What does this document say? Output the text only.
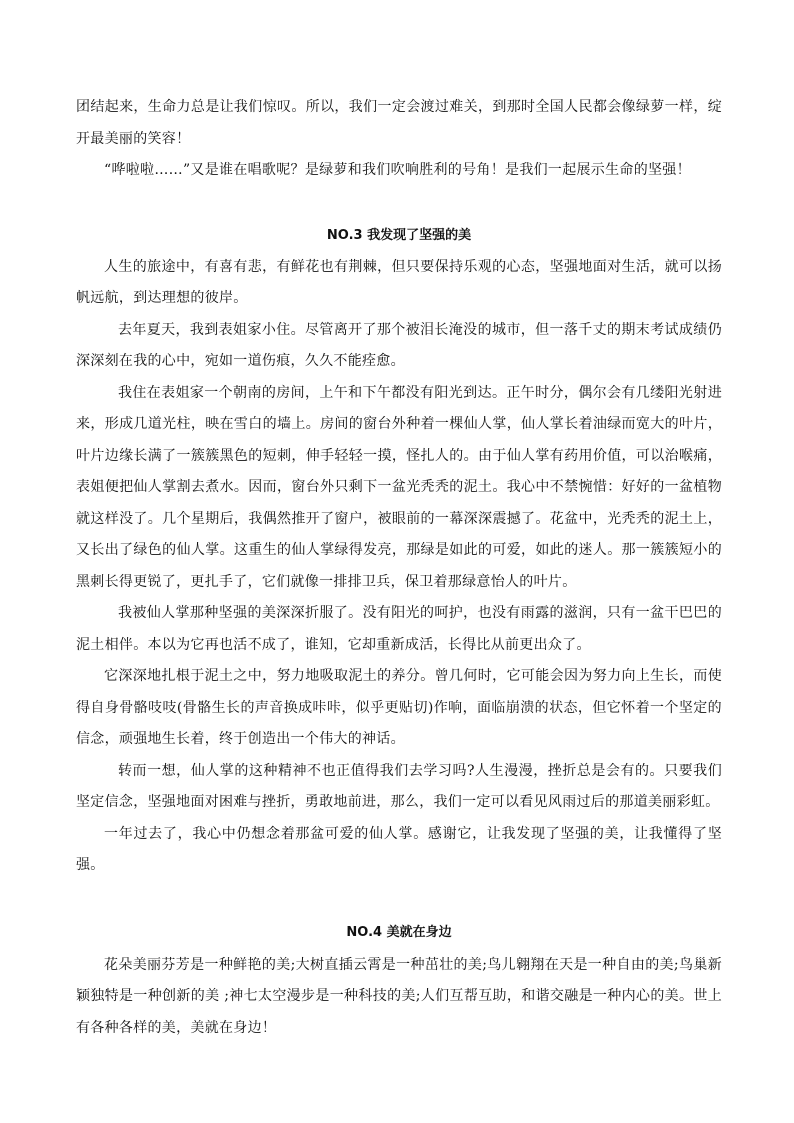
团结起来，生命力总是让我们惊叹。所以，我们一定会渡过难关，到那时全国人民都会像绿萝一样，绽开最美丽的笑容！

“哗啦啦……”又是谁在唱歌呢？是绿萝和我们吹响胜利的号角！是我们一起展示生命的坚强！

NO.3 我发现了坚强的美

人生的旅途中，有喜有悲，有鲜花也有荆棘，但只要保持乐观的心态，坚强地面对生活，就可以扬帆远航，到达理想的彼岸。

去年夏天，我到表姐家小住。尽管离开了那个被泪长淹没的城市，但一落千丈的期末考试成绩仍深深刻在我的心中，宛如一道伤痕，久久不能痊愈。

我住在表姐家一个朝南的房间，上午和下午都没有阳光到达。正午时分，偶尔会有几缕阳光射进来，形成几道光柱，映在雪白的墙上。房间的窗台外种着一棵仙人掌，仙人掌长着油绿而宽大的叶片，叶片边缘长满了一簇簇黑色的短刺，伸手轻轻一摸，怪扎人的。由于仙人掌有药用价值，可以治喉痛，表姐便把仙人掌割去煮水。因而，窗台外只剩下一盆光秃秃的泥土。我心中不禁惋惜：好好的一盆植物就这样没了。几个星期后，我偶然推开了窗户，被眼前的一幕深深震撼了。花盆中，光秃秃的泥土上，又长出了绿色的仙人掌。这重生的仙人掌绿得发亮，那绿是如此的可爱，如此的迷人。那一簇簇短小的黑刺长得更锐了，更扎手了，它们就像一排排卫兵，保卫着那绿意怡人的叶片。

我被仙人掌那种坚强的美深深折服了。没有阳光的呵护，也没有雨露的滋润，只有一盆干巴巴的泥土相伴。本以为它再也活不成了，谁知，它却重新成活，长得比从前更出众了。

它深深地扎根于泥土之中，努力地吸取泥土的养分。曾几何时，它可能会因为努力向上生长，而使得自身骨骼吱吱(骨骼生长的声音换成咔咔，似乎更贴切)作响，面临崩溃的状态，但它怀着一个坚定的信念，顽强地生长着，终于创造出一个伟大的神话。

转而一想，仙人掌的这种精神不也正值得我们去学习吗?人生漫漫，挫折总是会有的。只要我们坚定信念，坚强地面对困难与挫折，勇敢地前进，那么，我们一定可以看见风雨过后的那道美丽彩虹。

一年过去了，我心中仍想念着那盆可爱的仙人掌。感谢它，让我发现了坚强的美，让我懂得了坚强。

NO.4 美就在身边

花朵美丽芬芳是一种鲜艳的美;大树直插云霄是一种茁壮的美;鸟儿翱翔在天是一种自由的美;鸟巢新颖独特是一种创新的美 ;神七太空漫步是一种科技的美;人们互帮互助，和谐交融是一种内心的美。世上有各种各样的美，美就在身边！
